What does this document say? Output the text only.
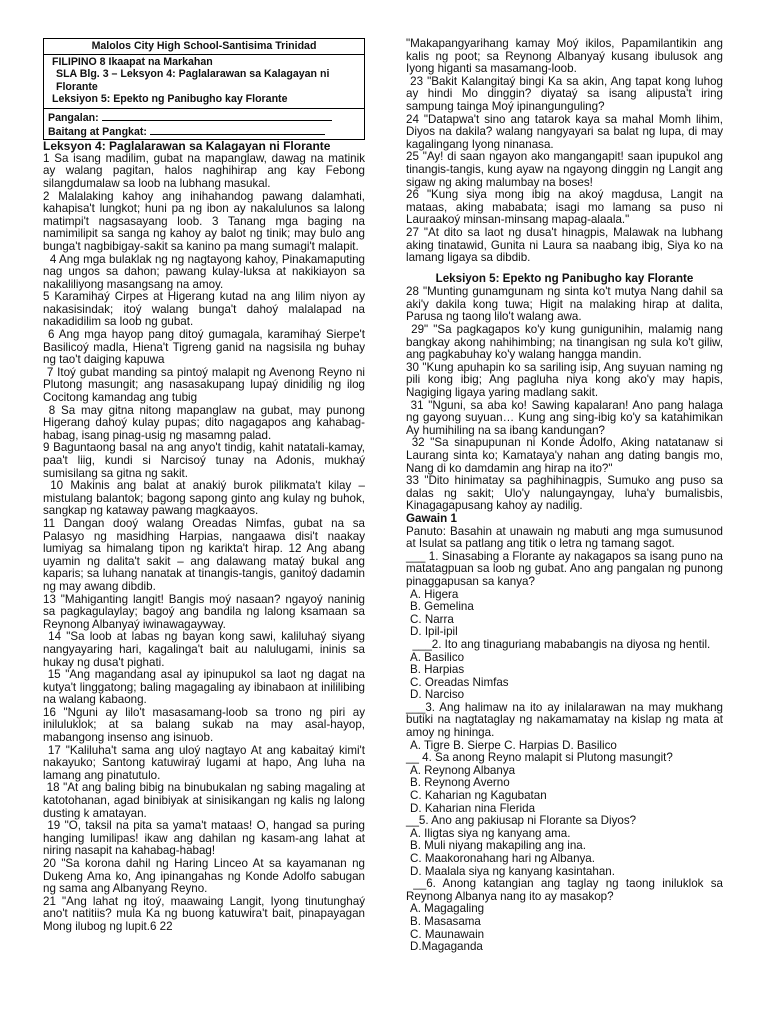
Malolos City High School-Santisima Trinidad
FILIPINO 8 Ikaapat na Markahan
SLA Blg. 3 – Leksyon 4: Paglalarawan sa Kalagayan ni Florante
Leksiyon 5: Epekto ng Panibugho kay Florante
Pangalan:
Baitang at Pangkat:
Leksyon 4: Paglalarawan sa Kalagayan ni Florante

1 Sa isang madilim, gubat na mapanglaw, dawag na matinik ay walang pagitan, halos naghihirap ang kay Febong silangdumalaw sa loob na lubhang masukal.

2 Malalaking kahoy ang inihahandog pawang dalamhati, kahapisa't lungkot; huni pa ng ibon ay nakalulunos sa lalong matimpi't nagsasayang loob. 3 Tanang mga baging na namimilipit sa sanga ng kahoy ay balot ng tinik; may bulo ang bunga't nagbibigay-sakit sa kanino pa mang sumagi't malapit.

4 Ang mga bulaklak ng ng nagtayong kahoy, Pinakamaputing nag ungos sa dahon; pawang kulay-luksa at nakikiayon sa nakaliliyong masangsang na amoy.

5 Karamihaý Cirpes at Higerang kutad na ang lilim niyon ay nakasisindak; itoý walang bunga't dahoý malalapad na nakadidilim sa loob ng gubat.

6 Ang mga hayop pang ditoý gumagala, karamihaý Sierpe't Basilicoý madla, Hiena't Tigreng ganid na nagsisila ng buhay ng tao't daiging kapuwa

7 Itoý gubat manding sa pintoý malapit ng Avenong Reyno ni Plutong masungit; ang nasasakupang lupaý dinidilig ng ilog Cocitong kamandag ang tubig

8 Sa may gitna nitong mapanglaw na gubat, may punong Higerang dahoý kulay pupas; dito nagagapos ang kahabag-habag, isang pinag-usig ng masamng palad.

9 Baguntaong basal na ang anyo't tindig, kahit natatali-kamay, paa't liig, kundi si Narcisoý tunay na Adonis, mukhaý sumisilang sa gitna ng sakit.

10 Makinis ang balat at anakiý burok pilikmata't kilay – mistulang balantok; bagong sapong ginto ang kulay ng buhok, sangkap ng kataway pawang magkaayos.

11 Dangan dooý walang Oreadas Nimfas, gubat na sa Palasyo ng masidhing Harpias, nangaawa disi't naakay lumiyag sa himalang tipon ng karikta't hirap. 12 Ang abang uyamin ng dalita't sakit – ang dalawang mataý bukal ang kaparis; sa luhang nanatak at tinangis-tangis, ganitoý dadamin ng may awang dibdib.

13 "Mahiganting langit! Bangis moý nasaan? ngayoý naninig sa pagkagulaylay; bagoý ang bandila ng lalong ksamaan sa Reynong Albanyaý iwinawagayway.

14 "Sa loob at labas ng bayan kong sawi, kaliluhaý siyang nangyayaring hari, kagalinga't bait au nalulugami, ininis sa hukay ng dusa't pighati.

15 "Ang magandang asal ay ipinupukol sa laot ng dagat na kutya't linggatong; baling magagaling ay ibinabaon at inililibing na walang kabaong.

16 "Nguni ay lilo't masasamang-loob sa trono ng piri ay iniluluklok; at sa balang sukab na may asal-hayop, mabangong insenso ang isinuob.

17 "Kaliluha't sama ang uloý nagtayo At ang kabaitaý kimi't nakayuko; Santong katuwiraý lugami at hapo, Ang luha na lamang ang pinatutulo.

18 "At ang baling bibig na binubukalan ng sabing magaling at katotohanan, agad binibiyak at sinisikangan ng kalis ng lalong dusting k amatayan.

19 "O, taksil na pita sa yama't mataas! O, hangad sa puring hanging lumilipas! ikaw ang dahilan ng kasam-ang lahat at niring nasapit na kahabag-habag!

20 "Sa korona dahil ng Haring Linceo At sa kayamanan ng Dukeng Ama ko, Ang ipinangahas ng Konde Adolfo sabugan ng sama ang Albanyang Reyno.

21 "Ang lahat ng itoý, maawaing Langit, Iyong tinutunghaý ano't natitiis? mula Ka ng buong katuwira't bait, pinapayagan Mong ilubog ng lupit.6 22

"Makapangyarihang kamay Moý ikilos, Papamilantikin ang kalis ng poot; sa Reynong Albanyaý kusang ibulusok ang Iyong higanti sa masamang-loob.

23 "Bakit Kalangitaý bingi Ka sa akin, Ang tapat kong luhog ay hindi Mo dinggin? diyataý sa isang alipusta't iring sampung tainga Moý ipinangunguling?

24 "Datapwa't sino ang tatarok kaya sa mahal Momh lihim, Diyos na dakila? walang nangyayari sa balat ng lupa, di may kagalingang Iyong ninanasa.

25 "Ay! di saan ngayon ako mangangapit! saan ipupukol ang tinangis-tangis, kung ayaw na ngayong dinggin ng Langit ang sigaw ng aking malumbay na boses!

26 "Kung siya mong ibig na akoý magdusa, Langit na mataas, aking mababata; isagi mo lamang sa puso ni Lauraakoý minsan-minsang mapag-alaala."

27 "At dito sa laot ng dusa't hinagpis, Malawak na lubhang aking tinatawid, Gunita ni Laura sa naabang ibig, Siya ko na lamang ligaya sa dibdib.

Leksiyon 5: Epekto ng Panibugho kay Florante

28 "Munting gunamgunam ng sinta ko't mutya Nang dahil sa aki'y dakila kong tuwa; Higit na malaking hirap at dalita, Parusa ng taong lilo't walang awa.

29" "Sa pagkagapos ko'y kung gunigunihin, malamig nang bangkay akong nahihimbing; na tinangisan ng sula ko't giliw, ang pagkabuhay ko'y walang hangga mandin.

30 "Kung apuhapin ko sa sariling isip, Ang suyuan naming ng pili kong ibig; Ang pagluha niya kong ako'y may hapis, Nagiging ligaya yaring madlang sakit.

31 "Nguni, sa aba ko! Sawing kapalaran! Ano pang halaga ng gayong suyuan… Kung ang sing-ibig ko'y sa katahimikan Ay humihiling na sa ibang kandungan?

32 "Sa sinapupunan ni Konde Adolfo, Aking natatanaw si Laurang sinta ko; Kamataya'y nahan ang dating bangis mo, Nang di ko damdamin ang hirap na ito?"

33 "Dito hinimatay sa paghihinagpis, Sumuko ang puso sa dalas ng sakit; Ulo'y nalungayngay, luha'y bumalisbis, Kinagagapusang kahoy ay nadilig.

Gawain 1

Panuto: Basahin at unawain ng mabuti ang mga sumusunod at Isulat sa patlang ang titik o letra ng tamang sagot.

___ 1. Sinasabing a Florante ay nakagapos sa isang puno na matatagpuan sa loob ng gubat. Ano ang pangalan ng punong pinaggapusan sa kanya?

A. Higera
B. Gemelina
C. Narra
D. Ipil-ipil

___2. Ito ang tinaguriang mababangis na diyosa ng hentil.

A. Basilico
B. Harpias
C. Oreadas Nimfas
D. Narciso

___3. Ang halimaw na ito ay inilalarawan na may mukhang butiki na nagtataglay ng nakamamatay na kislap ng mata at amoy ng hininga.

A. Tigre B. Sierpe C. Harpias D. Basilico

__ 4. Sa anong Reyno malapit si Plutong masungit?

A. Reynong Albanya
B. Reynong Averno
C. Kaharian ng Kagubatan
D. Kaharian nina Flerida

__5. Ano ang pakiusap ni Florante sa Diyos?

A. Iligtas siya ng kanyang ama.
B. Muli niyang makapiling ang ina.
C. Maakoronahang hari ng Albanya.
D. Maalala siya ng kanyang kasintahan.

__6. Anong katangian ang taglay ng taong iniluklok sa Reynong Albanya nang ito ay masakop?

A. Magagaling
B. Masasama
C. Maunawain
D.Magaganda
